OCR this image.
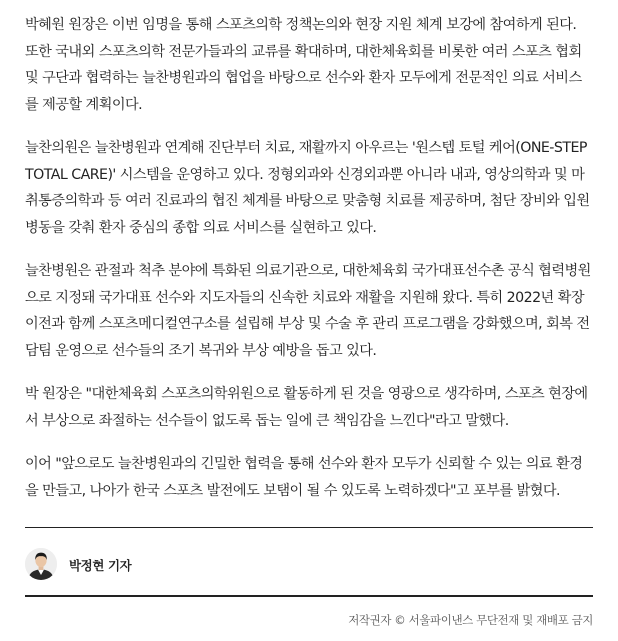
박혜원 원장은 이번 임명을 통해 스포츠의학 정책논의와 현장 지원 체계 보강에 참여하게 된다. 또한 국내외 스포츠의학 전문가들과의 교류를 확대하며, 대한체육회를 비롯한 여러 스포츠 협회 및 구단과 협력하는 늘찬병원과의 협업을 바탕으로 선수와 환자 모두에게 전문적인 의료 서비스를 제공할 계획이다.

늘찬의원은 늘찬병원과 연계해 진단부터 치료, 재활까지 아우르는 '원스텝 토털 케어(ONE-STEP TOTAL CARE)' 시스템을 운영하고 있다. 정형외과와 신경외과뿐 아니라 내과, 영상의학과 및 마취통증의학과 등 여러 진료과의 협진 체계를 바탕으로 맞춤형 치료를 제공하며, 첨단 장비와 입원 병동을 갖춰 환자 중심의 종합 의료 서비스를 실현하고 있다.

늘찬병원은 관절과 척추 분야에 특화된 의료기관으로, 대한체육회 국가대표선수촌 공식 협력병원으로 지정돼 국가대표 선수와 지도자들의 신속한 치료와 재활을 지원해 왔다. 특히 2022년 확장 이전과 함께 스포츠메디컬연구소를 설립해 부상 및 수술 후 관리 프로그램을 강화했으며, 회복 전담팀 운영으로 선수들의 조기 복귀와 부상 예방을 돕고 있다.

박 원장은 "대한체육회 스포츠의학위원으로 활동하게 된 것을 영광으로 생각하며, 스포츠 현장에서 부상으로 좌절하는 선수들이 없도록 돕는 일에 큰 책임감을 느낀다"라고 말했다.

이어 "앞으로도 늘찬병원과의 긴밀한 협력을 통해 선수와 환자 모두가 신뢰할 수 있는 의료 환경을 만들고, 나아가 한국 스포츠 발전에도 보탬이 될 수 있도록 노력하겠다"고 포부를 밝혔다.

박정현 기자
저작권자 © 서울파이낸스 무단전재 및 재배포 금지
